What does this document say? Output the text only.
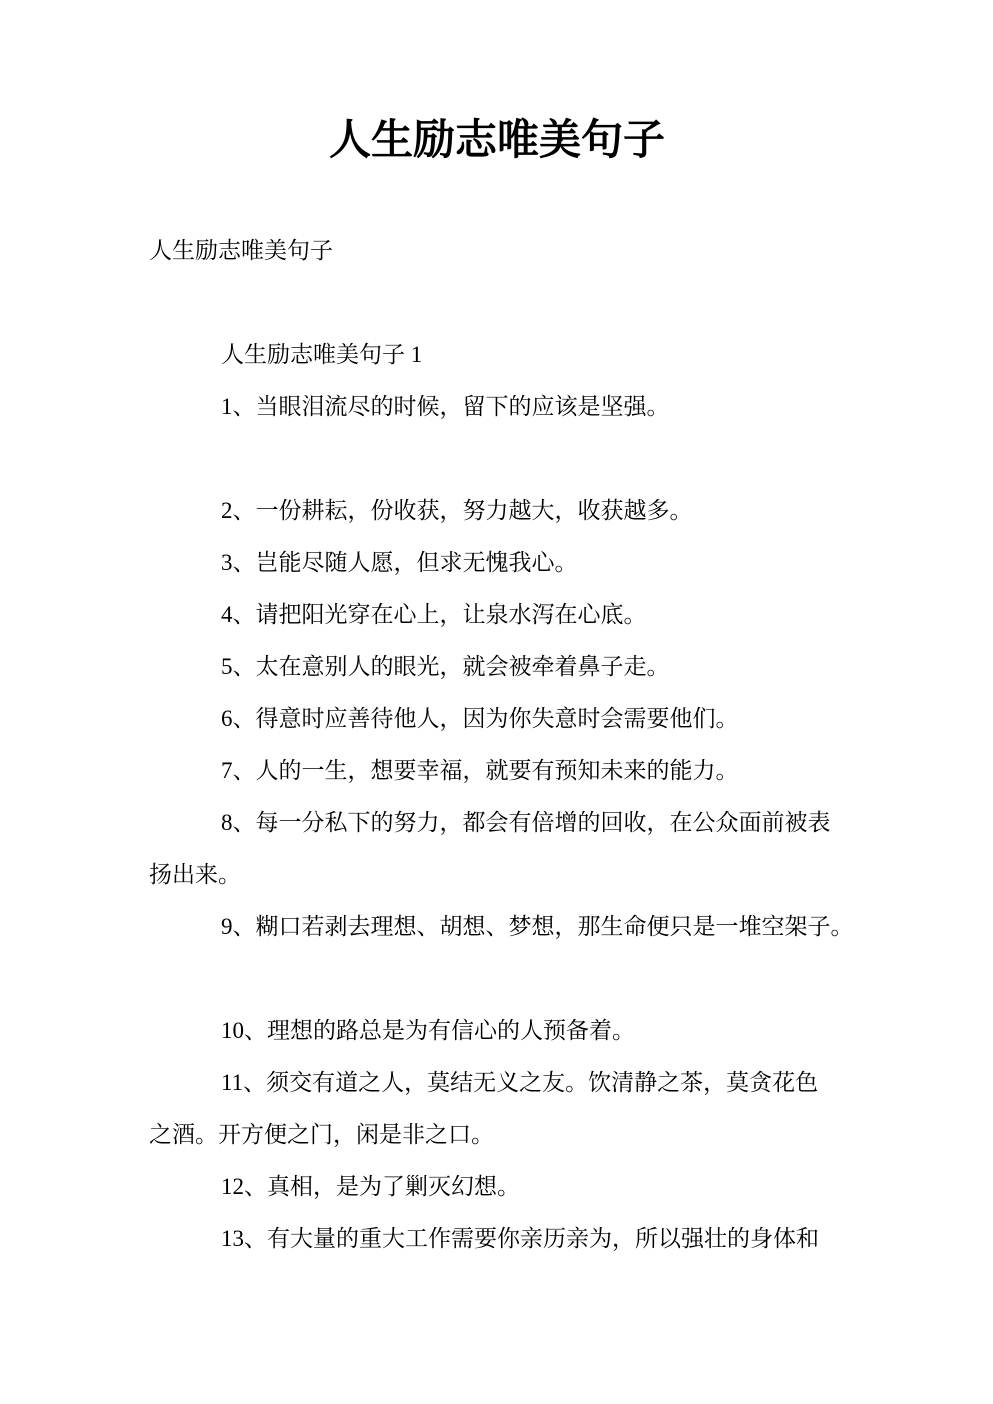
人生励志唯美句子

人生励志唯美句子

人生励志唯美句子 1

1、当眼泪流尽的时候，留下的应该是坚强。

2、一份耕耘，份收获，努力越大，收获越多。

3、岂能尽随人愿，但求无愧我心。

4、请把阳光穿在心上，让泉水泻在心底。

5、太在意别人的眼光，就会被牵着鼻子走。

6、得意时应善待他人，因为你失意时会需要他们。

7、人的一生，想要幸福，就要有预知未来的能力。

8、每一分私下的努力，都会有倍增的回收，在公众面前被表

扬出来。

9、糊口若剥去理想、胡想、梦想，那生命便只是一堆空架子。

10、理想的路总是为有信心的人预备着。

11、须交有道之人，莫结无义之友。饮清静之茶，莫贪花色

之酒。开方便之门，闲是非之口。

12、真相，是为了剿灭幻想。

13、有大量的重大工作需要你亲历亲为，所以强壮的身体和
